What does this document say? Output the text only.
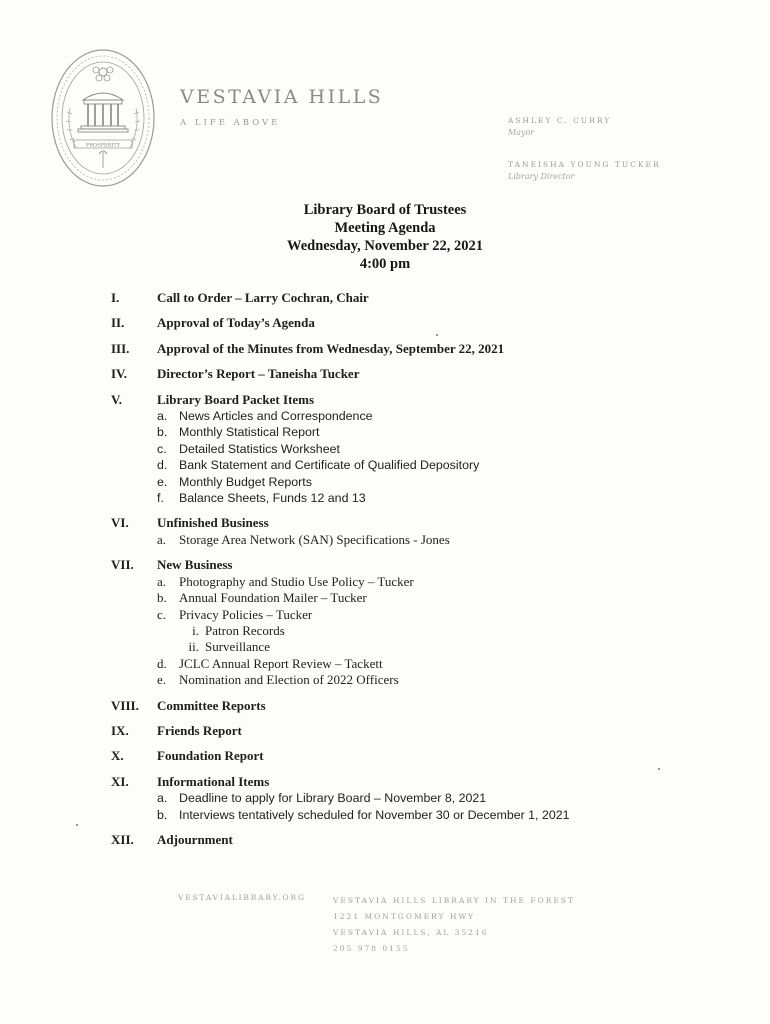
PROSPERITY
VESTAVIA HILLS
A LIFE ABOVE	ASHLEY C. CURRY
Mayor
TANEISHA YOUNG TUCKER
Library Director
Library Board of Trustees
Meeting Agenda
Wednesday, November 22, 2021
4:00 pm
I.	Call to Order – Larry Cochran, Chair
II.	Approval of Today’s Agenda
III.	Approval of the Minutes from Wednesday, September 22, 2021
IV.	Director’s Report – Taneisha Tucker
V.	Library Board Packet Items
a. News Articles and Correspondence
b. Monthly Statistical Report
c. Detailed Statistics Worksheet
d. Bank Statement and Certificate of Qualified Depository
e. Monthly Budget Reports
f.	Balance Sheets, Funds 12 and 13
VI.	Unfinished Business
a. Storage Area Network (SAN) Specifications - Jones
VII.	New Business
a. Photography and Studio Use Policy – Tucker
b. Annual Foundation Mailer – Tucker
c. Privacy Policies – Tucker
i. Patron Records
ii. Surveillance
d. JCLC Annual Report Review – Tackett
e. Nomination and Election of 2022 Officers
VIII.	Committee Reports
IX.	Friends Report
X.	Foundation Report
XI.	Informational Items
a. Deadline to apply for Library Board – November 8, 2021
b. Interviews tentatively scheduled for November 30 or December 1, 2021
XII.	Adjournment
VESTAVIALIBRARY.ORG	VESTAVIA HILLS LIBRARY IN THE FOREST
1221 MONTGOMERY HWY
VESTAVIA HILLS, AL 35216
205 978 0155
